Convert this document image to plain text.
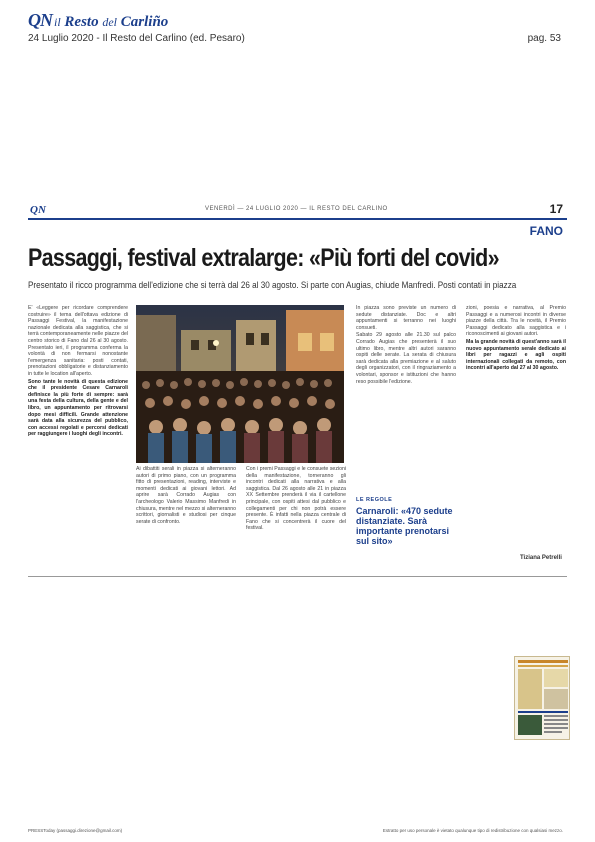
QN il Resto del Carliño
24 Luglio 2020 - Il Resto del Carlino (ed. Pesaro)	pag. 53
QN	VENERDÌ — 24 LUGLIO 2020 — IL RESTO DEL CARLINO	17
FANO
Passaggi, festival extralarge: «Più forti del covid»
Presentato il ricco programma dell'edizione che si terrà dal 26 al 30 agosto. Si parte con Augias, chiude Manfredi. Posti contati in piazza

E' «Leggere per ricordare comprendere costruire» il tema dell'ottava edizione di Passaggi Festival, la manifestazione nazionale dedicata alla saggistica, che si terrà contemporaneamente nelle piazze del centro storico di Fano dal 26 al 30 agosto. Presentato ieri, il programma conferma la volontà di non fermarsi nonostante l'emergenza sanitaria: posti contati, prenotazioni obbligatorie e distanziamento in tutte le location all'aperto.

Sono tante le novità di questa edizione che il presidente Cesare Carnaroli definisce la più forte di sempre: sarà una festa della cultura, della gente e del libro, un appuntamento per ritrovarsi dopo mesi difficili. Grande attenzione sarà data alla sicurezza del pubblico, con accessi regolati e percorsi dedicati per raggiungere i luoghi degli incontri.

Ai dibattiti serali in piazza si alterneranno autori di primo piano, con un programma fitto di presentazioni, reading, interviste e momenti dedicati ai giovani lettori. Ad aprire sarà Corrado Augias con l'archeologo Valerio Massimo Manfredi in chiusura, mentre nel mezzo si alterneranno scrittori, giornalisti e studiosi per cinque serate di confronto.

Con i premi Passaggi e le consuete sezioni della manifestazione, torneranno gli incontri dedicati alla narrativa e alla saggistica. Dal 26 agosto alle 21 in piazza XX Settembre prenderà il via il cartellone principale, con ospiti attesi dal pubblico e collegamenti per chi non potrà essere presente. È infatti nella piazza centrale di Fano che si concentrerà il cuore del festival.

In piazza sono previste un numero di sedute distanziate. Doc e altri appuntamenti si terranno nei luoghi consueti.

Sabato 29 agosto alle 21.30 sul palco Corrado Augias che presenterà il suo ultimo libro, mentre altri autori saranno ospiti delle serate. La serata di chiusura sarà dedicata alla premiazione e al saluto degli organizzatori, con il ringraziamento a volontari, sponsor e istituzioni che hanno reso possibile l'edizione.

LE REGOLE
Carnaroli: «470 sedute distanziate. Sarà importante prenotarsi sul sito»

zioni, poesia e narrativa, al Premio Passaggi e a numerosi incontri in diverse piazze della città. Tra le novità, il Premio Passaggi dedicato alla saggistica e i riconoscimenti ai giovani autori.

Ma la grande novità di quest'anno sarà il nuovo appuntamento serale dedicato ai libri per ragazzi e agli ospiti internazionali collegati da remoto, con incontri all'aperto dal 27 al 30 agosto.

Tiziana Petrelli
PRESSToday (passaggi.direzione@gmail.com)	Estratto per uso personale è vietato qualunque tipo di redistribuzione con qualsiasi mezzo.
